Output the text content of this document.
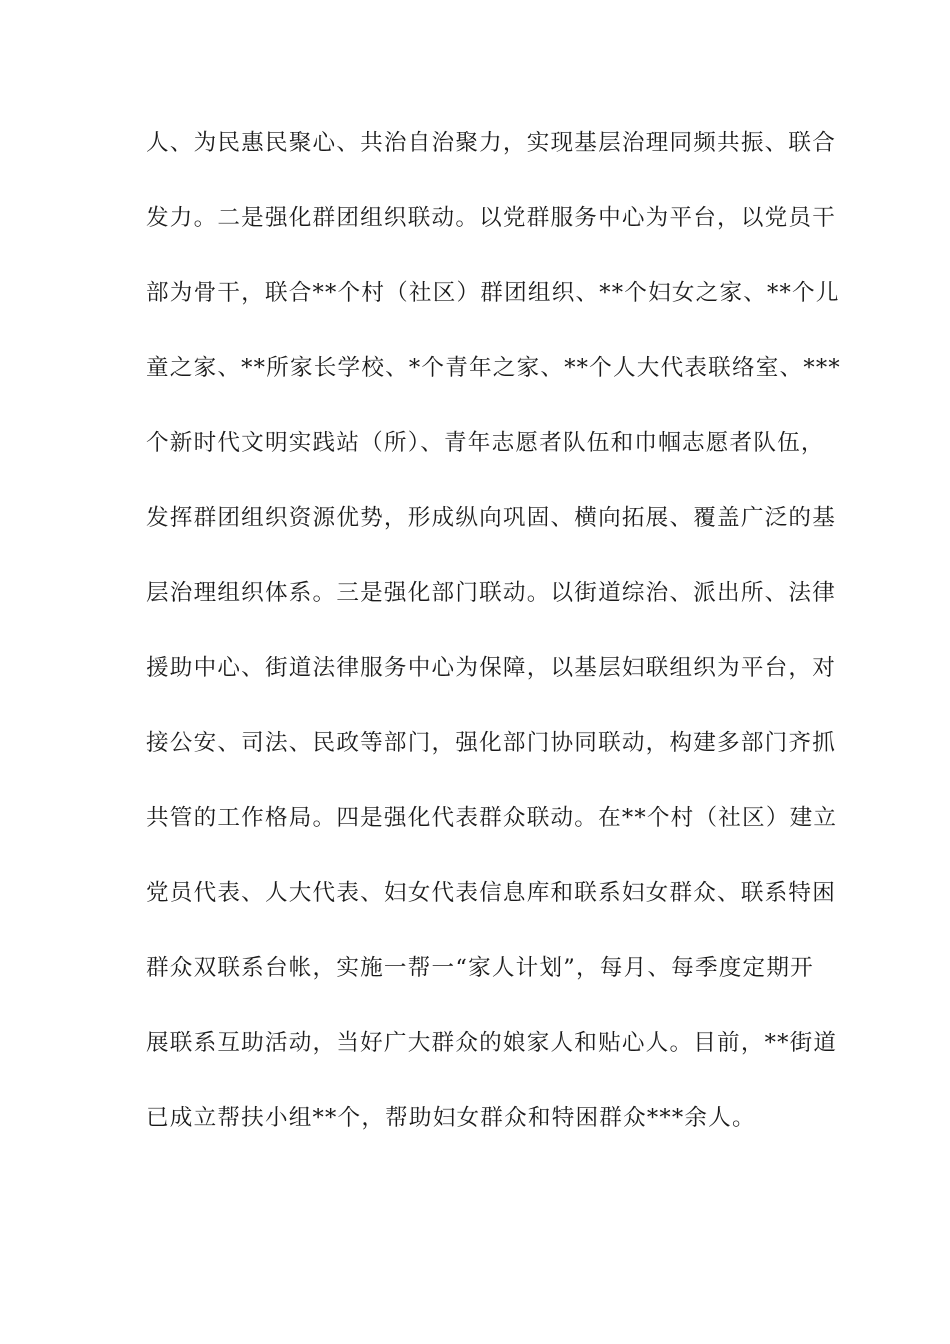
人、为民惠民聚心、共治自治聚力，实现基层治理同频共振、联合
发力。二是强化群团组织联动。以党群服务中心为平台，以党员干
部为骨干，联合**个村（社区）群团组织、**个妇女之家、**个儿
童之家、**所家长学校、*个青年之家、**个人大代表联络室、***
个新时代文明实践站（所）、青年志愿者队伍和巾帼志愿者队伍，
发挥群团组织资源优势，形成纵向巩固、横向拓展、覆盖广泛的基
层治理组织体系。三是强化部门联动。以街道综治、派出所、法律
援助中心、街道法律服务中心为保障，以基层妇联组织为平台，对
接公安、司法、民政等部门，强化部门协同联动，构建多部门齐抓
共管的工作格局。四是强化代表群众联动。在**个村（社区）建立
党员代表、人大代表、妇女代表信息库和联系妇女群众、联系特困
群众双联系台帐，实施一帮一“家人计划”，每月、每季度定期开
展联系互助活动，当好广大群众的娘家人和贴心人。目前，**街道
已成立帮扶小组**个，帮助妇女群众和特困群众***余人。
